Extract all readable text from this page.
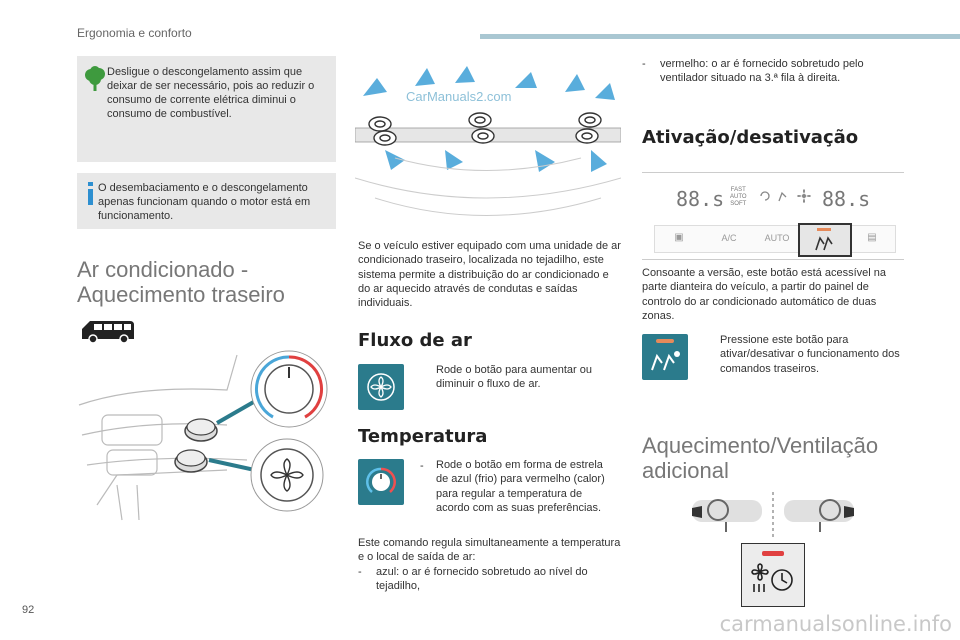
Ergonomia e conforto
Desligue o descongelamento assim que deixar de ser necessário, pois ao reduzir o consumo de corrente elétrica diminui o consumo de combustível.
O desembaciamento e o descongelamento apenas funcionam quando o motor está em funcionamento.
Ar condicionado -
Aquecimento traseiro
CarManuals2.com
Se o veículo estiver equipado com uma unidade de ar condicionado traseiro, localizada no tejadilho, este sistema permite a distribuição do ar condicionado e do ar aquecido através de condutas e saídas individuais.
Fluxo de ar
Rode o botão para aumentar ou diminuir o fluxo de ar.
Temperatura
- Rode o botão em forma de estrela de azul (frio) para vermelho (calor) para regular a temperatura de acordo com as suas preferências.
Este comando regula simultaneamente a temperatura e o local de saída de ar:
- azul: o ar é fornecido sobretudo ao nível do tejadilho,
- vermelho: o ar é fornecido sobretudo pelo ventilador situado na 3.ª fila à direita.
Ativação/desativação
88.s FAST
AUTO
SOFT	88.s
▣	A/C	AUTO	▤
Consoante a versão, este botão está acessível na parte dianteira do veículo, a partir do painel de controlo do ar condicionado automático de duas zonas.
Pressione este botão para ativar/desativar o funcionamento dos comandos traseiros.
Aquecimento/Ventilação
adicional
92
carmanualsonline.info
